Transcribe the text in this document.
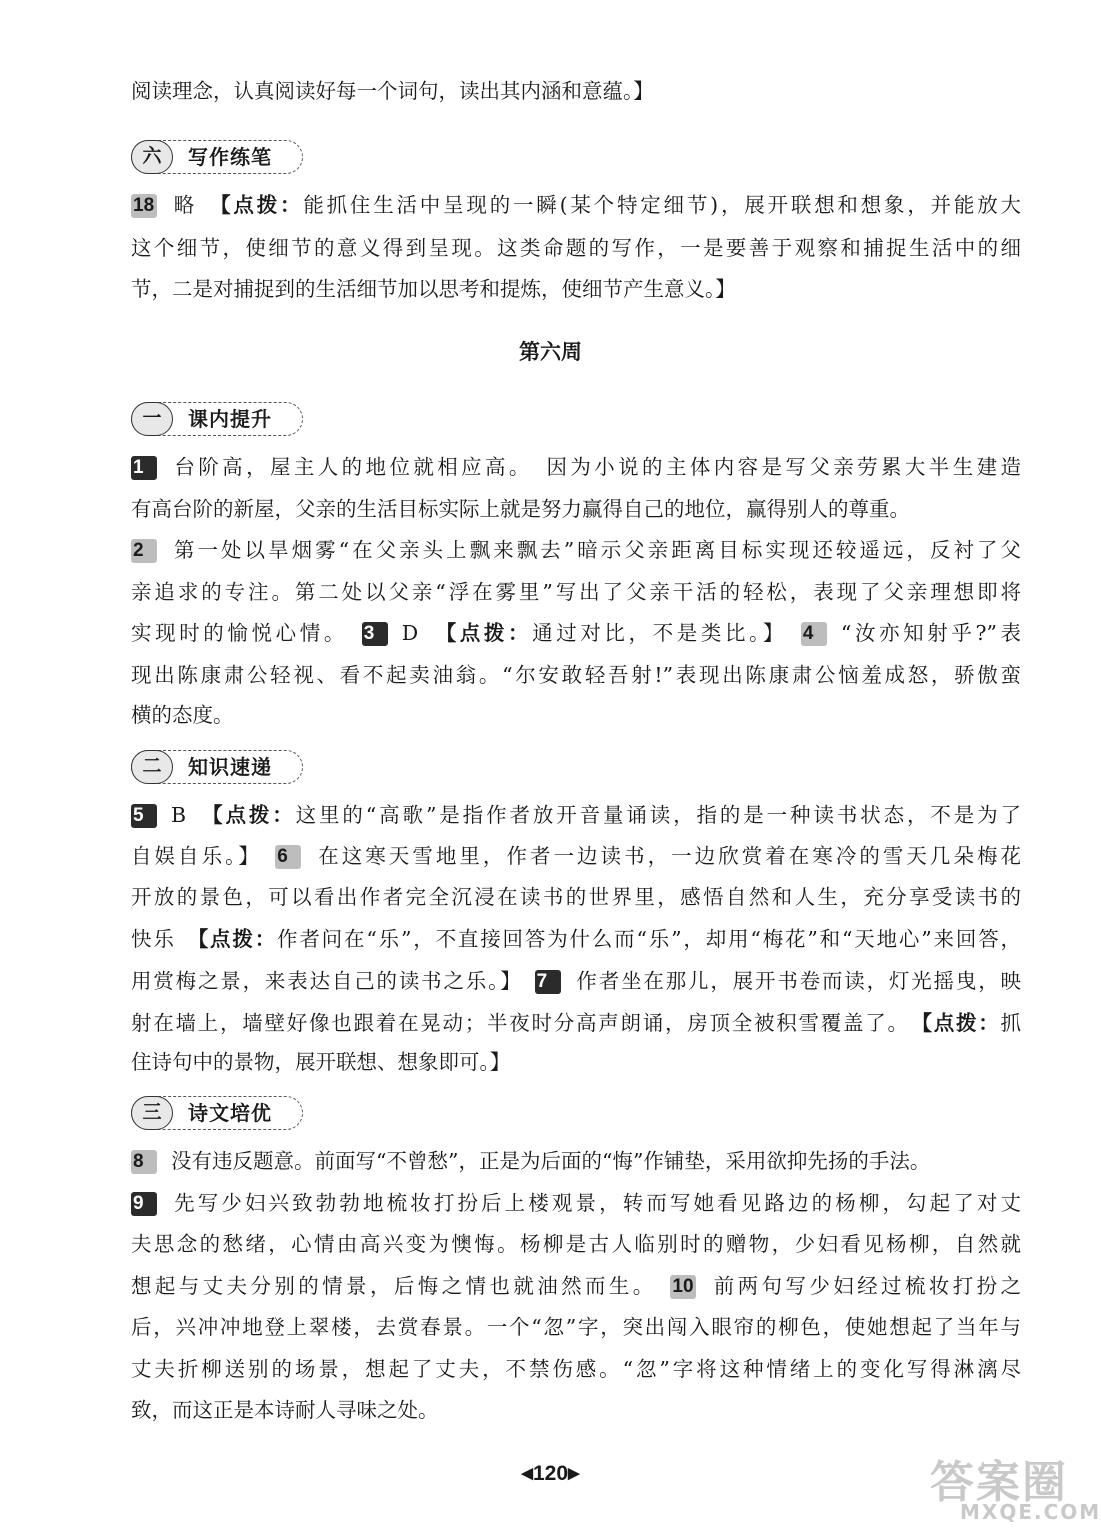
阅读理念，认真阅读好每一个词句，读出其内涵和意蕴。】
六	写作练笔
18 略　 【点拨：能抓住生活中呈现的一瞬(某个特定细节)，展开联想和想象，并能放大
这个细节，使细节的意义得到呈现。这类命题的写作，一是要善于观察和捕捉生活中的细
节，二是对捕捉到的生活细节加以思考和提炼，使细节产生意义。】
第六周
一	课内提升
1 台阶高，屋主人的地位就相应高。　因为小说的主体内容是写父亲劳累大半生建造
有高台阶的新屋，父亲的生活目标实际上就是努力赢得自己的地位，赢得别人的尊重。
2 第一处以旱烟雾“在父亲头上飘来飘去”暗示父亲距离目标实现还较遥远，反衬了父
亲追求的专注。第二处以父亲“浮在雾里”写出了父亲干活的轻松，表现了父亲理想即将
实现时的愉悦心情。　 3 D　 【点拨：通过对比，不是类比。】　 4 “汝亦知射乎?”表
现出陈康肃公轻视、看不起卖油翁。“尔安敢轻吾射!”表现出陈康肃公恼羞成怒，骄傲蛮
横的态度。
二	知识速递
5 B　 【点拨：这里的“高歌”是指作者放开音量诵读，指的是一种读书状态，不是为了
自娱自乐。】　 6 在这寒天雪地里，作者一边读书，一边欣赏着在寒冷的雪天几朵梅花
开放的景色，可以看出作者完全沉浸在读书的世界里，感悟自然和人生，充分享受读书的
快乐　 【点拨：作者问在“乐”，不直接回答为什么而“乐”，却用“梅花”和“天地心”来回答，
用赏梅之景，来表达自己的读书之乐。】　 7 作者坐在那儿，展开书卷而读，灯光摇曳，映
射在墙上，墙壁好像也跟着在晃动；半夜时分高声朗诵，房顶全被积雪覆盖了。　 【点拨：抓
住诗句中的景物，展开联想、想象即可。】
三	诗文培优
8 没有违反题意。前面写“不曾愁”，正是为后面的“悔”作铺垫，采用欲抑先扬的手法。
9 先写少妇兴致勃勃地梳妆打扮后上楼观景，转而写她看见路边的杨柳，勾起了对丈
夫思念的愁绪，心情由高兴变为懊悔。杨柳是古人临别时的赠物，少妇看见杨柳，自然就
想起与丈夫分别的情景，后悔之情也就油然而生。　 10 前两句写少妇经过梳妆打扮之
后，兴冲冲地登上翠楼，去赏春景。一个“忽”字，突出闯入眼帘的柳色，使她想起了当年与
丈夫折柳送别的场景，想起了丈夫，不禁伤感。“忽”字将这种情绪上的变化写得淋漓尽
致，而这正是本诗耐人寻味之处。
◀120▶	答案圈
MXQE.COM
